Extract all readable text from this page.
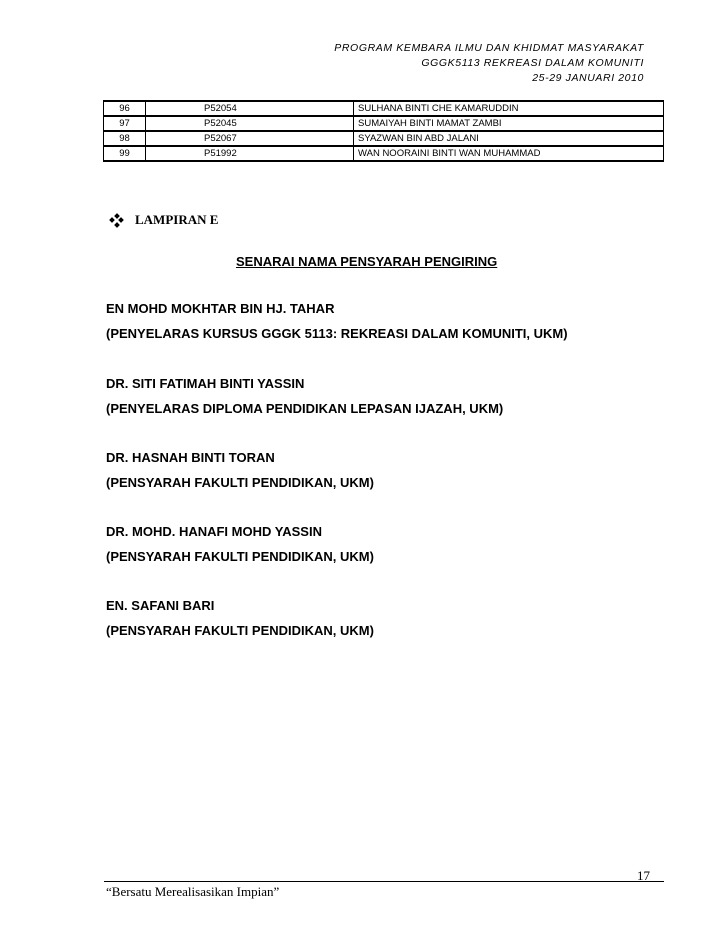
PROGRAM KEMBARA ILMU DAN KHIDMAT MASYARAKAT
GGGK5113 REKREASI DALAM KOMUNITI
25-29 JANUARI 2010
96	P52054	SULHANA BINTI CHE KAMARUDDIN
97	P52045	SUMAIYAH BINTI MAMAT ZAMBI
98	P52067	SYAZWAN BIN ABD JALANI
99	P51992	WAN NOORAINI BINTI WAN MUHAMMAD
LAMPIRAN E
SENARAI NAMA PENSYARAH PENGIRING
EN MOHD MOKHTAR BIN HJ. TAHAR
(PENYELARAS KURSUS GGGK 5113: REKREASI DALAM KOMUNITI, UKM)
DR. SITI FATIMAH BINTI YASSIN
(PENYELARAS DIPLOMA PENDIDIKAN LEPASAN IJAZAH, UKM)
DR. HASNAH BINTI TORAN
(PENSYARAH FAKULTI PENDIDIKAN, UKM)
DR. MOHD. HANAFI MOHD YASSIN
(PENSYARAH FAKULTI PENDIDIKAN, UKM)
EN. SAFANI BARI
(PENSYARAH FAKULTI PENDIDIKAN, UKM)
17
“Bersatu Merealisasikan Impian”
